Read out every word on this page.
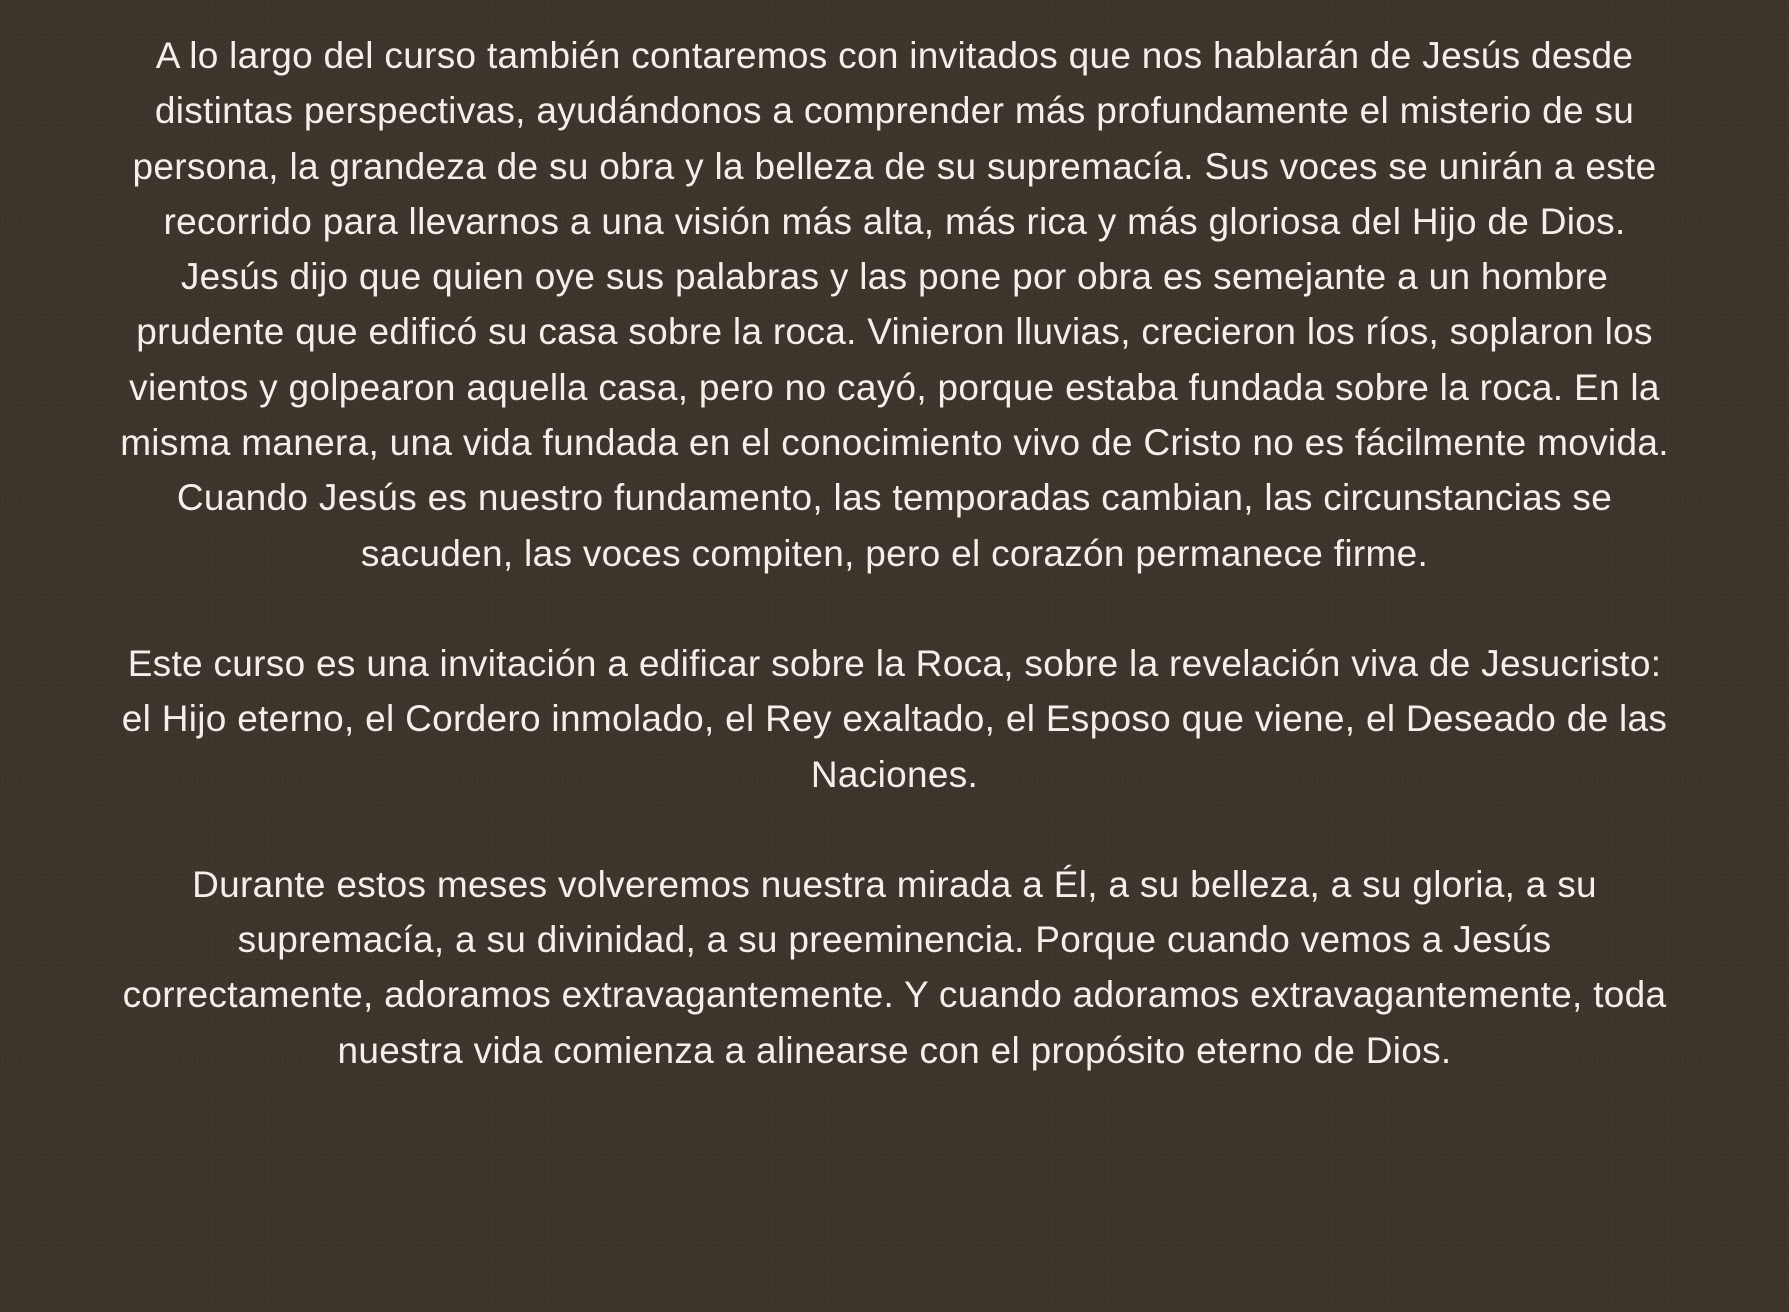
A lo largo del curso también contaremos con invitados que nos hablarán de Jesús desde distintas perspectivas, ayudándonos a comprender más profundamente el misterio de su persona, la grandeza de su obra y la belleza de su supremacía. Sus voces se unirán a este recorrido para llevarnos a una visión más alta, más rica y más gloriosa del Hijo de Dios. Jesús dijo que quien oye sus palabras y las pone por obra es semejante a un hombre prudente que edificó su casa sobre la roca. Vinieron lluvias, crecieron los ríos, soplaron los vientos y golpearon aquella casa, pero no cayó, porque estaba fundada sobre la roca. En la misma manera, una vida fundada en el conocimiento vivo de Cristo no es fácilmente movida. Cuando Jesús es nuestro fundamento, las temporadas cambian, las circunstancias se sacuden, las voces compiten, pero el corazón permanece firme.

Este curso es una invitación a edificar sobre la Roca, sobre la revelación viva de Jesucristo: el Hijo eterno, el Cordero inmolado, el Rey exaltado, el Esposo que viene, el Deseado de las Naciones.

Durante estos meses volveremos nuestra mirada a Él, a su belleza, a su gloria, a su supremacía, a su divinidad, a su preeminencia. Porque cuando vemos a Jesús correctamente, adoramos extravagantemente. Y cuando adoramos extravagantemente, toda nuestra vida comienza a alinearse con el propósito eterno de Dios.
